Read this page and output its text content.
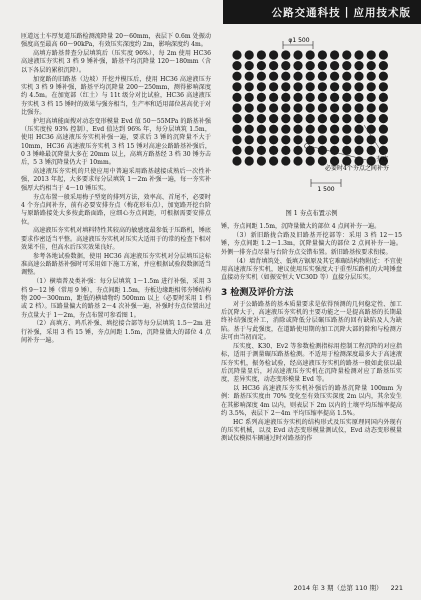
公路交通科技 | 应用技术版

匝道远土车厚复道压路检测流降量 20～60mm，表层下 0.6m 处振动强度高至最高 60～90kPa，有效压实深度约 2m，影响深度约 4m。

高填方路基普查分层填筑后（压实度 96%），每 2m 使用 HC36 高速液压夯实机 3 档 9 锤补强，路基平均沉降量 120～180mm（含以下各层的累积沉降）。

加宽路的旧路基（边坡）开挖并模压后，使用 HC36 高速液压夯实机 3 档 9 锤补强，路基平均沉降量 200～250mm，测得影响深度约 4.5m。在加宽部（红土）与 11t 级分对比试验，HC36 高速液压夯实机 3 档 15 锤时的效果与强夯相当，生产率和适用部位甚高优于对比强夯。

护坦高填能面搜对动态变形模量 Evd 值 50～55MPa 的路基补强（压实度按 93% 控制），Evd 值达到 96% 年，每分层填筑 1.5m，使用 HC36 高速液压夯实机补强一遍，要求后 3 锤的沉降量不大于 10mm，HC36 高速液压夯实机 3 档 15 锤对高速公路路基补强后，0 3 锤峰最沉降量大多在 20mm 以上，高填方路基经 3 档 30 锤夯击后，5 3 锤沉降量仍大于 10mm。

高速液压夯实机的只使应用中普遍采用路基越接成熟后一次性补强，2013 年起，大多要求每分层填筑 1～2m 补强一遍，每一夯实补强厚大约相当于 4～10 锤压实。

夯点布置一般采用梅子型宽的排列方法，效率高、首尾不，必要时 4 个夯点间补夯，前有必要安排夯点（梅花形布点），加宽路开挖台阶与原路路接处大多按此路面路，应细心夯点间距，可根据需要安排点位。

高速液压夯实机对填料特性其较高的敏感度最参低于压路机，锤底要求作密适当平整。高速液压夯实机对压实大适用于的常的检查下相对效果不佳，但高水后压实效果良好。

参考各地试验数据，使用 HC36 高速液压夯实机对分层填压这标准高速公路路基补强时可采用如下施工方案，并应根据试验段数据适当调整。

（1）横墙普及类补强：每分层填筑 1～1.5m 进行补强，采用 3 档 9～12 锤（常用 9 锤），夯点间距 1.5m，夯板边缘距相邻夯锤结构物 200～300mm，距低的横墙物约 500mm 以上（必要时采用 1 档或 2 档）。压路量偏大的路基 2～4 次补强一遍，补强时夯点位置出过夯点量大于 1～2m，夯点布置可参看图 1。

（2）高填方、鸡爪补强、填挖接合部等每分层填筑 1.5～2m 进行补强，采用 3 档 15 锤，夯点间距 1.5m，沉降量做大的部位 4 点间补夯一遍。

φ1 500
1 500
必要时4个夯点之间补夯
夯点
图 1 夯点布置示例

锤，夯点间距 1.5m，沉降量做大的部位 4 点间补夯一遍。

（3）新旧路拢合路及旧路基开挖部等：采用 3 档 12～15 锤，夯点间距 1.2～1.3m，沉降量偏大的部位 2 点间补夯一遍。外侧一排夯点尽量与台阶夯点交错布置。新旧路基按要求衔接。

（4）墙背填筑处、低填方锯原及其它难碾结构物附近：不宜使用高速液压夯实机，建议使用压实强度大于重型压路机的大吨锤盘直接动夯实机（如振安恒大 VC30D 等）直接分层压实。

3 检测及评价方法

对于公路路基的基本质量要求是依得预测的几何稳定性、加工后沉降大于，高速液压夯实机的主要功能之一是提高路基的长期最终补结强度补工，消除或降低分层碾压路基的回有缺陷及人为缺陷。基于与此强度，在道路使用期的加工沉降大部的除和与检测方法可由当初而定。

压实度、K30、Ev2 等参数检测指标用控制工程沉降的对应指标，适用于测量碾压路基检测。不适用于检测深度最多大于高速液压夯实机，振务检试验，经高速液压夯实机的路基一般如此依以最后沉降量显后，对高速液压夯实机在沉降量检测对应了路基压实度，差异实度，动态变形模量 Evd 等。

以 HC36 高速液压夯实机补强后的路基沉降量 100mm 为例：路基压实度由 70% 变化至有效压实深度 2m 以内，其余发生在其影响深度 4m 以内，则表层下 2m 以内的土壤平均压缩率提高约 3.5%，表层下 2～4m 平均压缩率提高 1.5%。

HC 系列高速液压夯实机的结构形式及压实原理同国内外现有的压实机械，以及 Evd 动态变形模量测试仪，Evd 动态变形模量测试仪模拟车辆通过时对路基的作

2014 年 3 期（总第 110 期） 221
